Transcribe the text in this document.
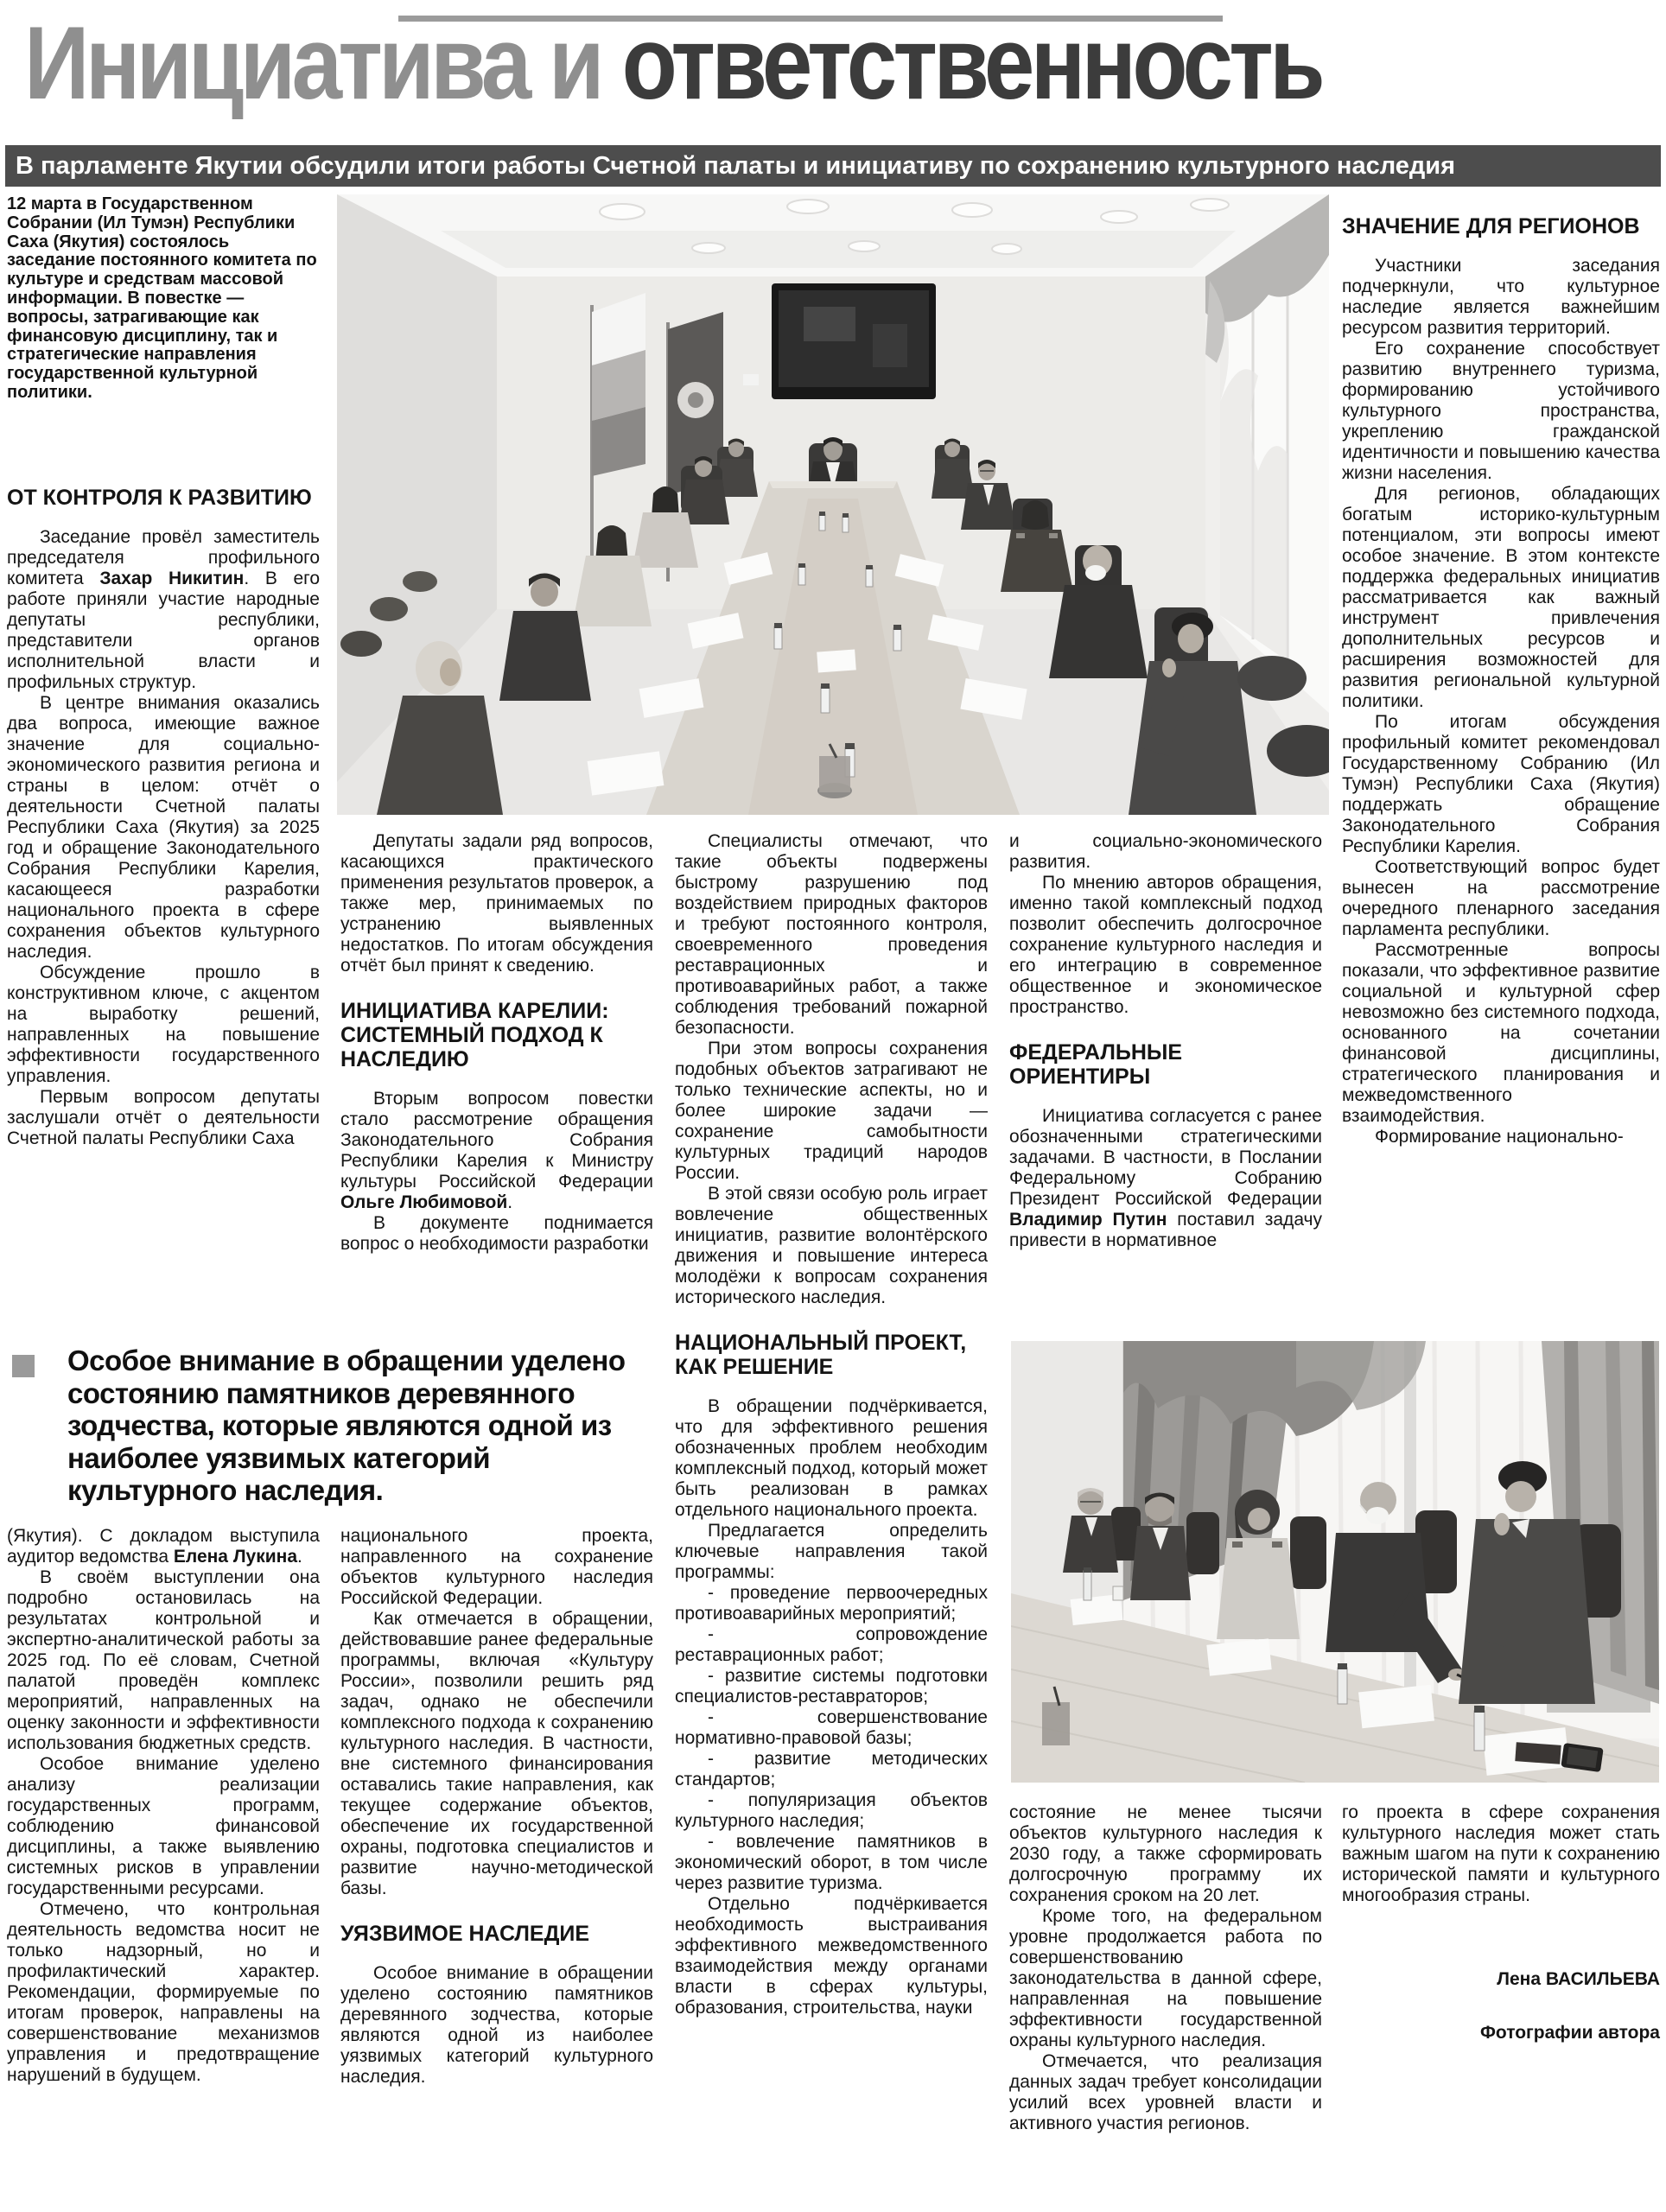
Инициатива и ответственность
В парламенте Якутии обсудили итоги работы Счетной палаты и инициативу по сохранению культурного наследия

12 марта в Государственном Собрании (Ил Тумэн) Республики Саха (Якутия) состоялось заседание постоянного комитета по культуре и средствам массовой информации. В повестке — вопросы, затрагивающие как финансовую дисциплину, так и стратегические направления государственной культурной политики.

ОТ КОНТРОЛЯ К РАЗВИТИЮ

Заседание провёл заместитель председателя профильного комитета Захар Никитин. В его работе приняли участие народные депутаты республики, представители органов исполнительной власти и профильных структур.

В центре внимания оказались два вопроса, имеющие важное значение для социально-экономического развития региона и страны в целом: отчёт о деятельности Счетной палаты Республики Саха (Якутия) за 2025 год и обращение Законодательного Собрания Республики Карелия, касающееся разработки национального проекта в сфере сохранения объектов культурного наследия.

Обсуждение прошло в конструктивном ключе, с акцентом на выработку решений, направленных на повышение эффективности государственного управления.

Первым вопросом депутаты заслушали отчёт о деятельности Счетной палаты Республики Саха

(Якутия). С докладом выступила аудитор ведомства Елена Лукина.

В своём выступлении она подробно остановилась на результатах контрольной и экспертно-аналитической работы за 2025 год. По её словам, Счетной палатой проведён комплекс мероприятий, направленных на оценку законности и эффективности использования бюджетных средств.

Особое внимание уделено анализу реализации государственных программ, соблюдению финансовой дисциплины, а также выявлению системных рисков в управлении государственными ресурсами.

Отмечено, что контрольная деятельность ведомства носит не только надзорный, но и профилактический характер. Рекомендации, формируемые по итогам проверок, направлены на совершенствование механизмов управления и предотвращение нарушений в будущем.

Депутаты задали ряд вопросов, касающихся практического применения результатов проверок, а также мер, принимаемых по устранению выявленных недостатков. По итогам обсуждения отчёт был принят к сведению.

ИНИЦИАТИВА КАРЕЛИИ: СИСТЕМНЫЙ ПОДХОД К НАСЛЕДИЮ

Вторым вопросом повестки стало рассмотрение обращения Законодательного Собрания Республики Карелия к Министру культуры Российской Федерации Ольге Любимовой.

В документе поднимается вопрос о необходимости разработки

национального проекта, направленного на сохранение объектов культурного наследия Российской Федерации.

Как отмечается в обращении, действовавшие ранее федеральные программы, включая «Культуру России», позволили решить ряд задач, однако не обеспечили комплексного подхода к сохранению культурного наследия. В частности, вне системного финансирования оставались такие направления, как текущее содержание объектов, обеспечение их государственной охраны, подготовка специалистов и развитие научно-методической базы.

УЯЗВИМОЕ НАСЛЕДИЕ

Особое внимание в обращении уделено состоянию памятников деревянного зодчества, которые являются одной из наиболее уязвимых категорий культурного наследия.

Специалисты отмечают, что такие объекты подвержены быстрому разрушению под воздействием природных факторов и требуют постоянного контроля, своевременного проведения реставрационных и противоаварийных работ, а также соблюдения требований пожарной безопасности.

При этом вопросы сохранения подобных объектов затрагивают не только технические аспекты, но и более широкие задачи — сохранение самобытности культурных традиций народов России.

В этой связи особую роль играет вовлечение общественных инициатив, развитие волонтёрского движения и повышение интереса молодёжи к вопросам сохранения исторического наследия.

НАЦИОНАЛЬНЫЙ ПРОЕКТ, КАК РЕШЕНИЕ

В обращении подчёркивается, что для эффективного решения обозначенных проблем необходим комплексный подход, который может быть реализован в рамках отдельного национального проекта.

Предлагается определить ключевые направления такой программы:

- проведение первоочередных противоаварийных мероприятий;

- сопровождение реставрационных работ;

- развитие системы подготовки специалистов-реставраторов;

- совершенствование нормативно-правовой базы;

- развитие методических стандартов;

- популяризация объектов культурного наследия;

- вовлечение памятников в экономический оборот, в том числе через развитие туризма.

Отдельно подчёркивается необходимость выстраивания эффективного межведомственного взаимодействия между органами власти в сферах культуры, образования, строительства, науки

и социально-экономического развития.

По мнению авторов обращения, именно такой комплексный подход позволит обеспечить долгосрочное сохранение культурного наследия и его интеграцию в современное общественное и экономическое пространство.

ФЕДЕРАЛЬНЫЕ ОРИЕНТИРЫ

Инициатива согласуется с ранее обозначенными стратегическими задачами. В частности, в Послании Федеральному Собранию Президент Российской Федерации Владимир Путин поставил задачу привести в нормативное

состояние не менее тысячи объектов культурного наследия к 2030 году, а также сформировать долгосрочную программу их сохранения сроком на 20 лет.

Кроме того, на федеральном уровне продолжается работа по совершенствованию законодательства в данной сфере, направленная на повышение эффективности государственной охраны культурного наследия.

Отмечается, что реализация данных задач требует консолидации усилий всех уровней власти и активного участия регионов.

ЗНАЧЕНИЕ ДЛЯ РЕГИОНОВ

Участники заседания подчеркнули, что культурное наследие является важнейшим ресурсом развития территорий.

Его сохранение способствует развитию внутреннего туризма, формированию устойчивого культурного пространства, укреплению гражданской идентичности и повышению качества жизни населения.

Для регионов, обладающих богатым историко-культурным потенциалом, эти вопросы имеют особое значение. В этом контексте поддержка федеральных инициатив рассматривается как важный инструмент привлечения дополнительных ресурсов и расширения возможностей для развития региональной культурной политики.

По итогам обсуждения профильный комитет рекомендовал Государственному Собранию (Ил Тумэн) Республики Саха (Якутия) поддержать обращение Законодательного Собрания Республики Карелия.

Соответствующий вопрос будет вынесен на рассмотрение очередного пленарного заседания парламента республики.

Рассмотренные вопросы показали, что эффективное развитие социальной и культурной сфер невозможно без системного подхода, основанного на сочетании финансовой дисциплины, стратегического планирования и межведомственного взаимодействия.

Формирование национально-

го проекта в сфере сохранения культурного наследия может стать важным шагом на пути к сохранению исторической памяти и культурного многообразия страны.

Особое внимание в обращении уделено состоянию памятников деревянного зодчества, которые являются одной из наиболее уязвимых категорий культурного наследия.

Лена ВАСИЛЬЕВА

Фотографии автора
